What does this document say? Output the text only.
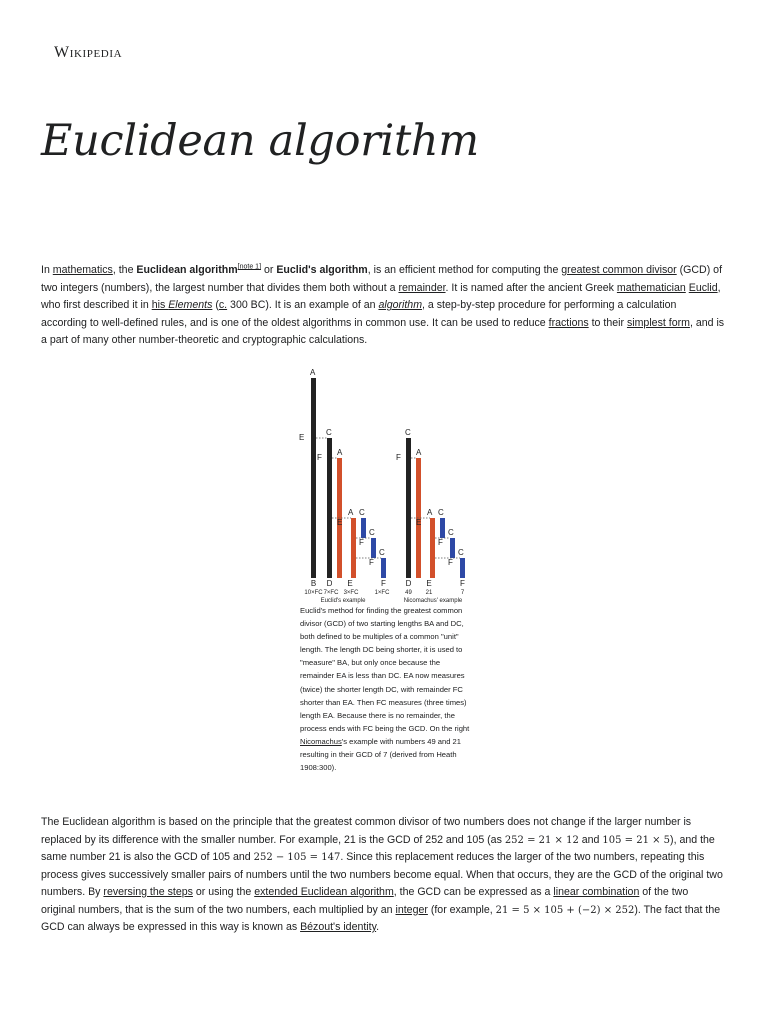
Wikipedia
Euclidean algorithm
In mathematics, the Euclidean algorithm[note 1] or Euclid's algorithm, is an efficient method for computing the greatest common divisor (GCD) of two integers (numbers), the largest number that divides them both without a remainder. It is named after the ancient Greek mathematician Euclid, who first described it in his Elements (c. 300 BC). It is an example of an algorithm, a step-by-step procedure for performing a calculation according to well-defined rules, and is one of the oldest algorithms in common use. It can be used to reduce fractions to their simplest form, and is a part of many other number-theoretic and cryptographic calculations.
A
E
C
F
A
A C
E
C
F
C
F
C
F
A
A C
E
C
F
C
F
B D E	F D E	F
10×FC 7×FC 3×FC	1×FC	49 21	7
Euclid's example	Nicomachus' example
Euclid's method for finding the greatest common divisor (GCD) of two starting lengths BA and DC, both defined to be multiples of a common "unit" length. The length DC being shorter, it is used to "measure" BA, but only once because the remainder EA is less than DC. EA now measures (twice) the shorter length DC, with remainder FC shorter than EA. Then FC measures (three times) length EA. Because there is no remainder, the process ends with FC being the GCD. On the right Nicomachus's example with numbers 49 and 21 resulting in their GCD of 7 (derived from Heath 1908:300).
The Euclidean algorithm is based on the principle that the greatest common divisor of two numbers does not change if the larger number is replaced by its difference with the smaller number. For example, 21 is the GCD of 252 and 105 (as 252 = 21 × 12 and 105 = 21 × 5), and the same number 21 is also the GCD of 105 and 252 − 105 = 147. Since this replacement reduces the larger of the two numbers, repeating this process gives successively smaller pairs of numbers until the two numbers become equal. When that occurs, they are the GCD of the original two numbers. By reversing the steps or using the extended Euclidean algorithm, the GCD can be expressed as a linear combination of the two original numbers, that is the sum of the two numbers, each multiplied by an integer (for example, 21 = 5 × 105 + (−2) × 252). The fact that the GCD can always be expressed in this way is known as Bézout's identity.
